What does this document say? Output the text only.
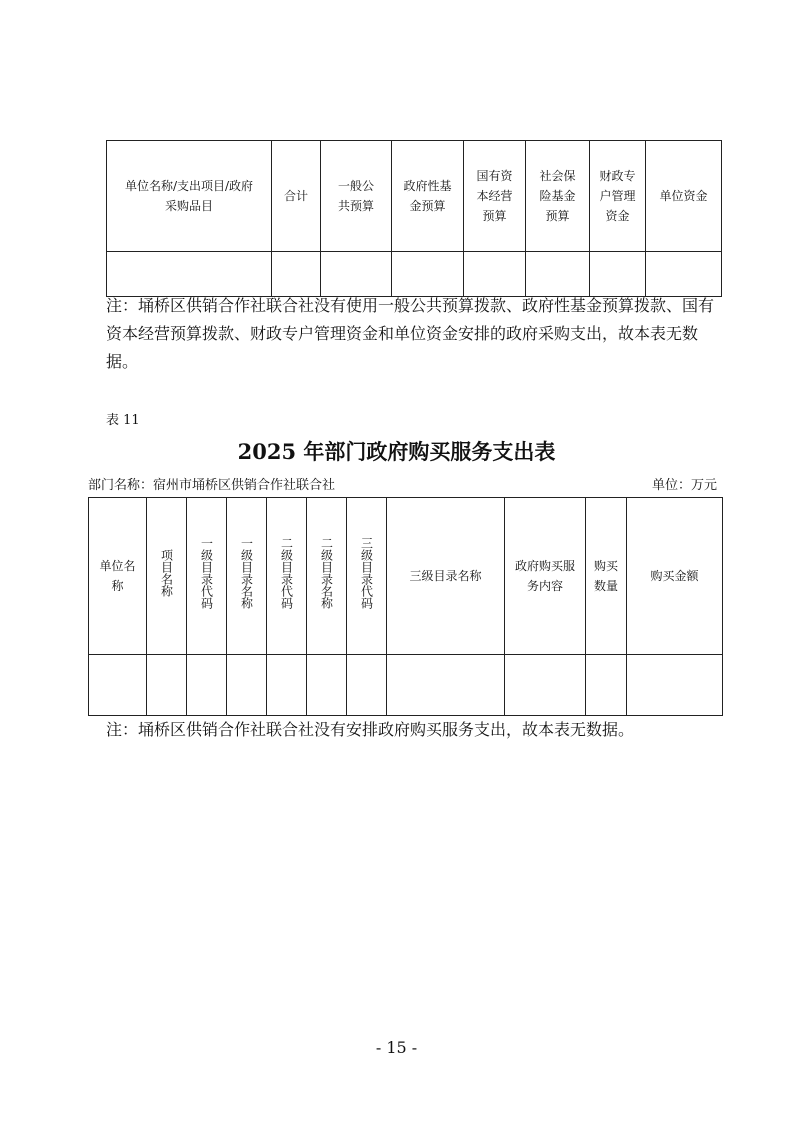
单位名称/支出项目/政府采购品目	合计	一般公共预算	政府性基金预算	国有资本经营预算	社会保险基金预算	财政专户管理资金	单位资金

注：埇桥区供销合作社联合社没有使用一般公共预算拨款、政府性基金预算拨款、国有资本经营预算拨款、财政专户管理资金和单位资金安排的政府采购支出，故本表无数据。
表 11
2025 年部门政府购买服务支出表
部门名称：宿州市埇桥区供销合作社联合社	单位：万元
单位名称	项目名称	一级目录代码	一级目录名称	二级目录代码	二级目录名称	三级目录代码	三级目录名称	政府购买服务内容	购买数量	购买金额

注：埇桥区供销合作社联合社没有安排政府购买服务支出，故本表无数据。
- 15 -
